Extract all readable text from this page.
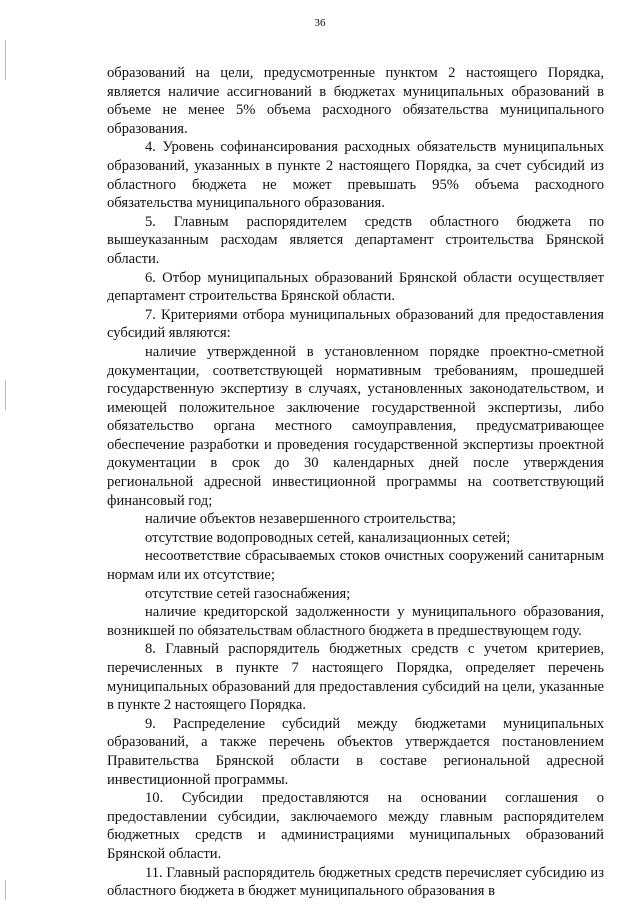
36

образований на цели, предусмотренные пунктом 2 настоящего Порядка, является наличие ассигнований в бюджетах муниципальных образований в объеме не менее 5% объема расходного обязательства муниципального образования.

4. Уровень софинансирования расходных обязательств муниципальных образований, указанных в пункте 2 настоящего Порядка, за счет субсидий из областного бюджета не может превышать 95% объема расходного обязательства муниципального образования.

5. Главным распорядителем средств областного бюджета по вышеуказанным расходам является департамент строительства Брянской области.

6. Отбор муниципальных образований Брянской области осуществляет департамент строительства Брянской области.

7. Критериями отбора муниципальных образований для предоставления субсидий являются:

наличие утвержденной в установленном порядке проектно-сметной документации, соответствующей нормативным требованиям, прошедшей государственную экспертизу в случаях, установленных законодательством, и имеющей положительное заключение государственной экспертизы, либо обязательство органа местного самоуправления, предусматривающее обеспечение разработки и проведения государственной экспертизы проектной документации в срок до 30 календарных дней после утверждения региональной адресной инвестиционной программы на соответствующий финансовый год;

наличие объектов незавершенного строительства;

отсутствие водопроводных сетей, канализационных сетей;

несоответствие сбрасываемых стоков очистных сооружений санитарным нормам или их отсутствие;

отсутствие сетей газоснабжения;

наличие кредиторской задолженности у муниципального образования, возникшей по обязательствам областного бюджета в предшествующем году.

8. Главный распорядитель бюджетных средств с учетом критериев, перечисленных в пункте 7 настоящего Порядка, определяет перечень муниципальных образований для предоставления субсидий на цели, указанные в пункте 2 настоящего Порядка.

9. Распределение субсидий между бюджетами муниципальных образований, а также перечень объектов утверждается постановлением Правительства Брянской области в составе региональной адресной инвестиционной программы.

10. Субсидии предоставляются на основании соглашения о предоставлении субсидии, заключаемого между главным распорядителем бюджетных средств и администрациями муниципальных образований Брянской области.

11. Главный распорядитель бюджетных средств перечисляет субсидию из областного бюджета в бюджет муниципального образования в
